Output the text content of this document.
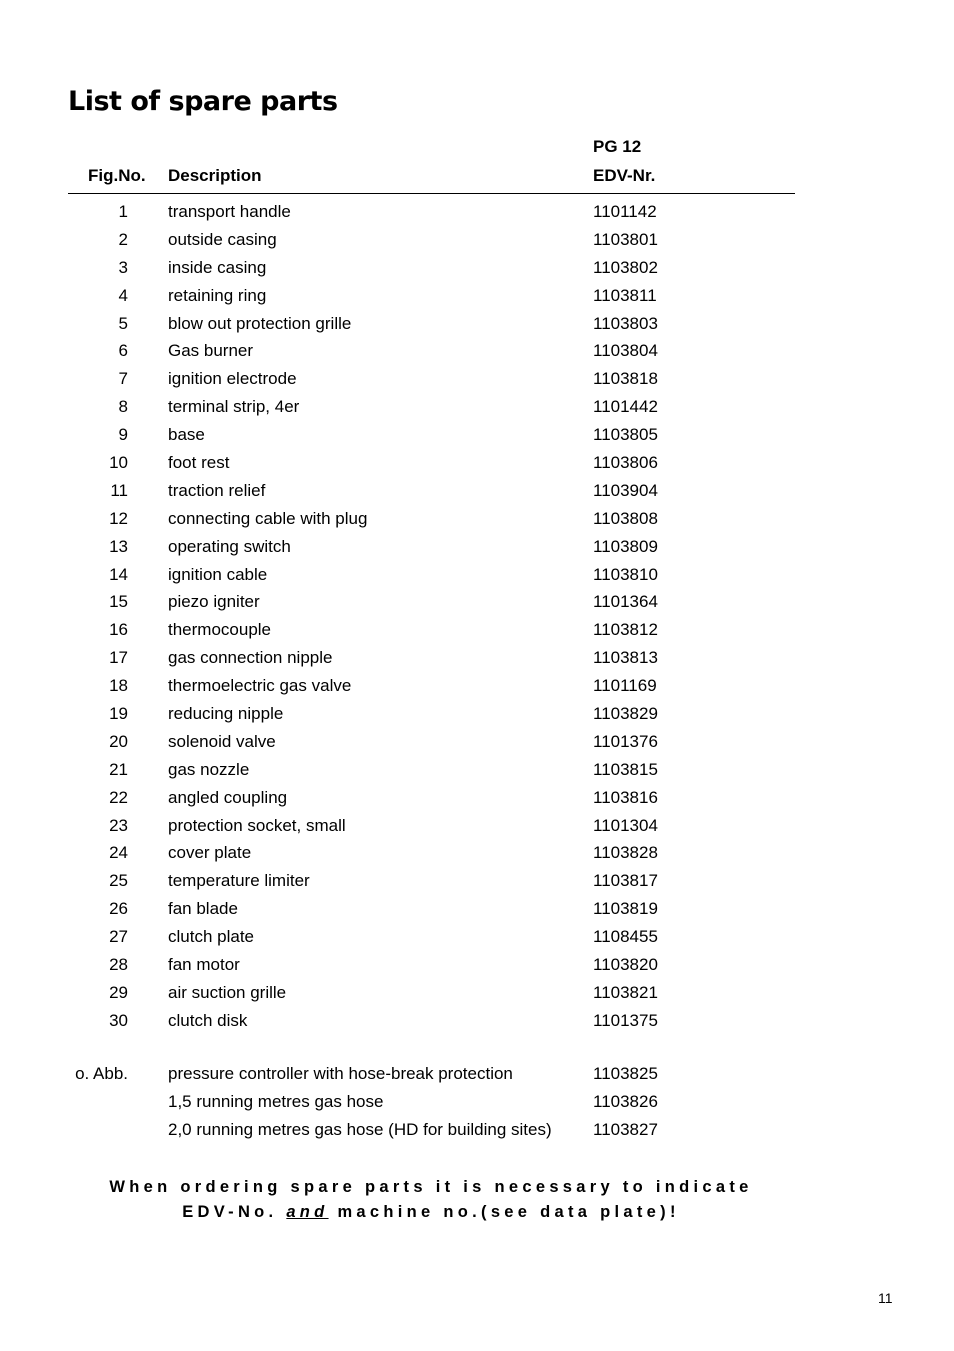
List of spare parts
PG 12
Fig.No. Description	EDV-Nr.
1 transport handle	1101142
2 outside casing	1103801
3 inside casing	1103802
4 retaining ring	1103811
5 blow out protection grille	1103803
6 Gas burner	1103804
7 ignition electrode	1103818
8 terminal strip, 4er	1101442
9 base	1103805
10 foot rest	1103806
11 traction relief	1103904
12 connecting cable with plug	1103808
13 operating switch	1103809
14 ignition cable	1103810
15 piezo igniter	1101364
16 thermocouple	1103812
17 gas connection nipple	1103813
18 thermoelectric gas valve	1101169
19 reducing nipple	1103829
20 solenoid valve	1101376
21 gas nozzle	1103815
22 angled coupling	1103816
23 protection socket, small	1101304
24 cover plate	1103828
25 temperature limiter	1103817
26 fan blade	1103819
27 clutch plate	1108455
28 fan motor	1103820
29 air suction grille	1103821
30 clutch disk	1101375
o. Abb. pressure controller with hose-break protection	1103825
1,5 running metres gas hose	1103826
2,0 running metres gas hose (HD for building sites) 1103827
When ordering spare parts it is necessary to indicate
EDV-No. and machine no.(see data plate)!
11
